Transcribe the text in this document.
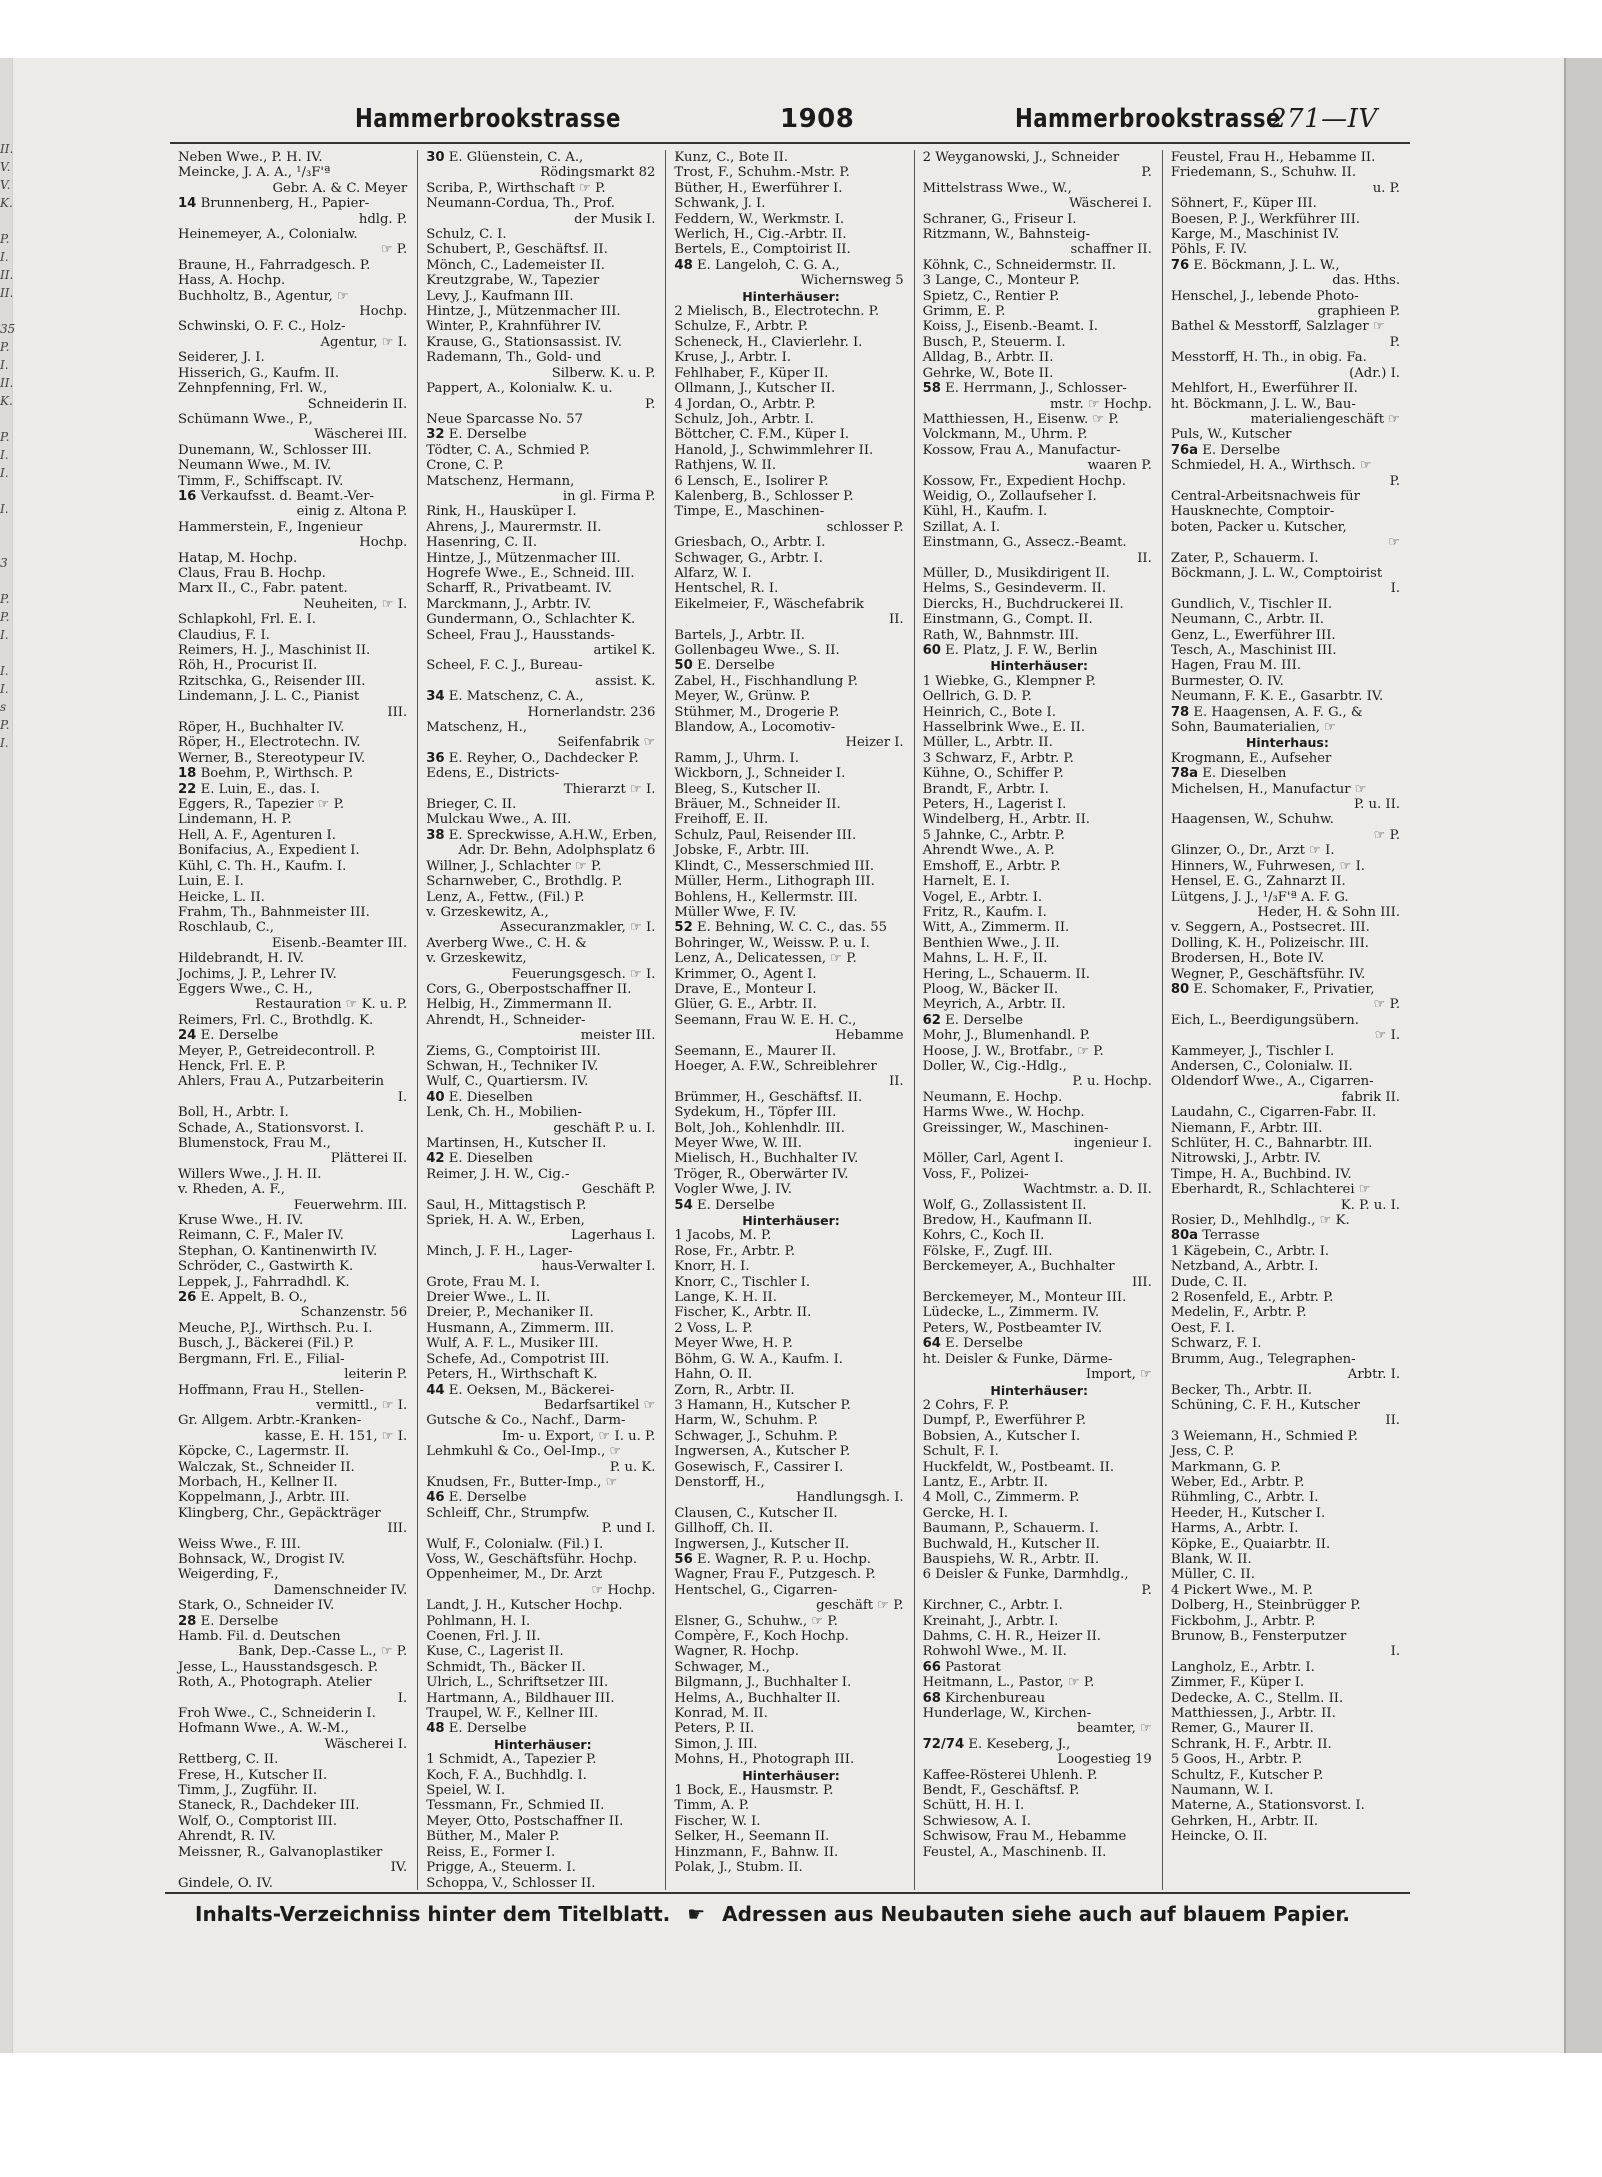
II.
V.
V.
K.

P.
I.
II.
II.

35
P.
I.
II.
K.

P.
I.
I.

I.

3

P.
P.
I.

I.
I.
s
P.
I.
Hammerbrookstrasse	1908	Hammerbrookstrasse
271—IV
Neben Wwe., P. H. IV.
Meincke, J. A. A., ¹/₃F'ª
Gebr. A. & C. Meyer
14 Brunnenberg, H., Papier-
hdlg. P.
Heinemeyer, A., Colonialw.
☞ P.
Braune, H., Fahrradgesch. P.
Hass, A. Hochp.
Buchholtz, B., Agentur, ☞
Hochp.
Schwinski, O. F. C., Holz-
Agentur, ☞ I.
Seiderer, J. I.
Hisserich, G., Kaufm. II.
Zehnpfenning, Frl. W.,
Schneiderin II.
Schümann Wwe., P.,
Wäscherei III.
Dunemann, W., Schlosser III.
Neumann Wwe., M. IV.
Timm, F., Schiffscapt. IV.
16 Verkaufsst. d. Beamt.-Ver-
einig z. Altona P.
Hammerstein, F., Ingenieur
Hochp.
Hatap, M. Hochp.
Claus, Frau B. Hochp.
Marx II., C., Fabr. patent.
Neuheiten, ☞ I.
Schlapkohl, Frl. E. I.
Claudius, F. I.
Reimers, H. J., Maschinist II.
Röh, H., Procurist II.
Rzitschka, G., Reisender III.
Lindemann, J. L. C., Pianist
III.
Röper, H., Buchhalter IV.
Röper, H., Electrotechn. IV.
Werner, B., Stereotypeur IV.
18 Boehm, P., Wirthsch. P.
22 E. Luin, E., das. I.
Eggers, R., Tapezier ☞ P.
Lindemann, H. P.
Hell, A. F., Agenturen I.
Bonifacius, A., Expedient I.
Kühl, C. Th. H., Kaufm. I.
Luin, E. I.
Heicke, L. II.
Frahm, Th., Bahnmeister III.
Roschlaub, C.,
Eisenb.-Beamter III.
Hildebrandt, H. IV.
Jochims, J. P., Lehrer IV.
Eggers Wwe., C. H.,
Restauration ☞ K. u. P.
Reimers, Frl. C., Brothdlg. K.
24 E. Derselbe
Meyer, P., Getreidecontroll. P.
Henck, Frl. E. P.
Ahlers, Frau A., Putzarbeiterin
I.
Boll, H., Arbtr. I.
Schade, A., Stationsvorst. I.
Blumenstock, Frau M.,
Plätterei II.
Willers Wwe., J. H. II.
v. Rheden, A. F.,
Feuerwehrm. III.
Kruse Wwe., H. IV.
Reimann, C. F., Maler IV.
Stephan, O. Kantinenwirth IV.
Schröder, C., Gastwirth K.
Leppek, J., Fahrradhdl. K.
26 E. Appelt, B. O.,
Schanzenstr. 56
Meuche, P.J., Wirthsch. P.u. I.
Busch, J., Bäckerei (Fil.) P.
Bergmann, Frl. E., Filial-
leiterin P.
Hoffmann, Frau H., Stellen-
vermittl., ☞ I.
Gr. Allgem. Arbtr.-Kranken-
kasse, E. H. 151, ☞ I.
Köpcke, C., Lagermstr. II.
Walczak, St., Schneider II.
Morbach, H., Kellner II.
Koppelmann, J., Arbtr. III.
Klingberg, Chr., Gepäckträger
III.
Weiss Wwe., F. III.
Bohnsack, W., Drogist IV.
Weigerding, F.,
Damenschneider IV.
Stark, O., Schneider IV.
28 E. Derselbe
Hamb. Fil. d. Deutschen
Bank, Dep.-Casse L., ☞ P.
Jesse, L., Hausstandsgesch. P.
Roth, A., Photograph. Atelier
I.
Froh Wwe., C., Schneiderin I.
Hofmann Wwe., A. W.-M.,
Wäscherei I.
Rettberg, C. II.
Frese, H., Kutscher II.
Timm, J., Zugführ. II.
Staneck, R., Dachdeker III.
Wolf, O., Comptorist III.
Ahrendt, R. IV.
Meissner, R., Galvanoplastiker
IV.
Gindele, O. IV.
30 E. Glüenstein, C. A.,
Rödingsmarkt 82
Scriba, P., Wirthschaft ☞ P.
Neumann-Cordua, Th., Prof.
der Musik I.
Schulz, C. I.
Schubert, P., Geschäftsf. II.
Mönch, C., Lademeister II.
Kreutzgrabe, W., Tapezier
Levy, J., Kaufmann III.
Hintze, J., Mützenmacher III.
Winter, P., Krahnführer IV.
Krause, G., Stationsassist. IV.
Rademann, Th., Gold- und
Silberw. K. u. P.
Pappert, A., Kolonialw. K. u.
P.
Neue Sparcasse No. 57
32 E. Derselbe
Tödter, C. A., Schmied P.
Crone, C. P.
Matschenz, Hermann,
in gl. Firma P.
Rink, H., Hausküper I.
Ahrens, J., Maurermstr. II.
Hasenring, C. II.
Hintze, J., Mützenmacher III.
Hogrefe Wwe., E., Schneid. III.
Scharff, R., Privatbeamt. IV.
Marckmann, J., Arbtr. IV.
Gundermann, O., Schlachter K.
Scheel, Frau J., Hausstands-
artikel K.
Scheel, F. C. J., Bureau-
assist. K.
34 E. Matschenz, C. A.,
Hornerlandstr. 236
Matschenz, H.,
Seifenfabrik ☞
36 E. Reyher, O., Dachdecker P.
Edens, E., Districts-
Thierarzt ☞ I.
Brieger, C. II.
Mulckau Wwe., A. III.
38 E. Spreckwisse, A.H.W., Erben,
Adr. Dr. Behn, Adolphsplatz 6
Willner, J., Schlachter ☞ P.
Scharnweber, C., Brothdlg. P.
Lenz, A., Fettw., (Fil.) P.
v. Grzeskewitz, A.,
Assecuranzmakler, ☞ I.
Averberg Wwe., C. H. &
v. Grzeskewitz,
Feuerungsgesch. ☞ I.
Cors, G., Oberpostschaffner II.
Helbig, H., Zimmermann II.
Ahrendt, H., Schneider-
meister III.
Ziems, G., Comptoirist III.
Schwan, H., Techniker IV.
Wulf, C., Quartiersm. IV.
40 E. Dieselben
Lenk, Ch. H., Mobilien-
geschäft P. u. I.
Martinsen, H., Kutscher II.
42 E. Dieselben
Reimer, J. H. W., Cig.-
Geschäft P.
Saul, H., Mittagstisch P.
Spriek, H. A. W., Erben,
Lagerhaus I.
Minch, J. F. H., Lager-
haus-Verwalter I.
Grote, Frau M. I.
Dreier Wwe., L. II.
Dreier, P., Mechaniker II.
Husmann, A., Zimmerm. III.
Wulf, A. F. L., Musiker III.
Schefe, Ad., Compotrist III.
Peters, H., Wirthschaft K.
44 E. Oeksen, M., Bäckerei-
Bedarfsartikel ☞
Gutsche & Co., Nachf., Darm-
Im- u. Export, ☞ I. u. P.
Lehmkuhl & Co., Oel-Imp., ☞
P. u. K.
Knudsen, Fr., Butter-Imp., ☞
46 E. Derselbe
Schleiff, Chr., Strumpfw.
P. und I.
Wulf, F., Colonialw. (Fil.) I.
Voss, W., Geschäftsführ. Hochp.
Oppenheimer, M., Dr. Arzt
☞ Hochp.
Landt, J. H., Kutscher Hochp.
Pohlmann, H. I.
Coenen, Frl. J. II.
Kuse, C., Lagerist II.
Schmidt, Th., Bäcker II.
Ulrich, L., Schriftsetzer III.
Hartmann, A., Bildhauer III.
Traupel, W. F., Kellner III.
48 E. Derselbe
Hinterhäuser:
1 Schmidt, A., Tapezier P.
Koch, F. A., Buchhdlg. I.
Speiel, W. I.
Tessmann, Fr., Schmied II.
Meyer, Otto, Postschaffner II.
Büther, M., Maler P.
Reiss, E., Former I.
Prigge, A., Steuerm. I.
Schoppa, V., Schlosser II.
Kunz, C., Bote II.
Trost, F., Schuhm.-Mstr. P.
Büther, H., Ewerführer I.
Schwank, J. I.
Feddern, W., Werkmstr. I.
Werlich, H., Cig.-Arbtr. II.
Bertels, E., Comptoirist II.
48 E. Langeloh, C. G. A.,
Wichernsweg 5
Hinterhäuser:
2 Mielisch, B., Electrotechn. P.
Schulze, F., Arbtr. P.
Scheneck, H., Clavierlehr. I.
Kruse, J., Arbtr. I.
Fehlhaber, F., Küper II.
Ollmann, J., Kutscher II.
4 Jordan, O., Arbtr. P.
Schulz, Joh., Arbtr. I.
Böttcher, C. F.M., Küper I.
Hanold, J., Schwimmlehrer II.
Rathjens, W. II.
6 Lensch, E., Isolirer P.
Kalenberg, B., Schlosser P.
Timpe, E., Maschinen-
schlosser P.
Griesbach, O., Arbtr. I.
Schwager, G., Arbtr. I.
Alfarz, W. I.
Hentschel, R. I.
Eikelmeier, F., Wäschefabrik
II.
Bartels, J., Arbtr. II.
Gollenbageu Wwe., S. II.
50 E. Derselbe
Zabel, H., Fischhandlung P.
Meyer, W., Grünw. P.
Stühmer, M., Drogerie P.
Blandow, A., Locomotiv-
Heizer I.
Ramm, J., Uhrm. I.
Wickborn, J., Schneider I.
Bleeg, S., Kutscher II.
Bräuer, M., Schneider II.
Freihoff, E. II.
Schulz, Paul, Reisender III.
Jobske, F., Arbtr. III.
Klindt, C., Messerschmied III.
Müller, Herm., Lithograph III.
Bohlens, H., Kellermstr. III.
Müller Wwe, F. IV.
52 E. Behning, W. C. C., das. 55
Bohringer, W., Weissw. P. u. I.
Lenz, A., Delicatessen, ☞ P.
Krimmer, O., Agent I.
Drave, E., Monteur I.
Glüer, G. E., Arbtr. II.
Seemann, Frau W. E. H. C.,
Hebamme
Seemann, E., Maurer II.
Hoeger, A. F.W., Schreiblehrer
II.
Brümmer, H., Geschäftsf. II.
Sydekum, H., Töpfer III.
Bolt, Joh., Kohlenhdlr. III.
Meyer Wwe, W. III.
Mielisch, H., Buchhalter IV.
Tröger, R., Oberwärter IV.
Vogler Wwe, J. IV.
54 E. Derselbe
Hinterhäuser:
1 Jacobs, M. P.
Rose, Fr., Arbtr. P.
Knorr, H. I.
Knorr, C., Tischler I.
Lange, K. H. II.
Fischer, K., Arbtr. II.
2 Voss, L. P.
Meyer Wwe, H. P.
Böhm, G. W. A., Kaufm. I.
Hahn, O. II.
Zorn, R., Arbtr. II.
3 Hamann, H., Kutscher P.
Harm, W., Schuhm. P.
Schwager, J., Schuhm. P.
Ingwersen, A., Kutscher P.
Gosewisch, F., Cassirer I.
Denstorff, H.,
Handlungsgh. I.
Clausen, C., Kutscher II.
Gillhoff, Ch. II.
Ingwersen, J., Kutscher II.
56 E. Wagner, R. P. u. Hochp.
Wagner, Frau F., Putzgesch. P.
Hentschel, G., Cigarren-
geschäft ☞ P.
Elsner, G., Schuhw., ☞ P.
Compère, F., Koch Hochp.
Wagner, R. Hochp.
Schwager, M.,
Bilgmann, J., Buchhalter I.
Helms, A., Buchhalter II.
Konrad, M. II.
Peters, P. II.
Simon, J. III.
Mohns, H., Photograph III.
Hinterhäuser:
1 Bock, E., Hausmstr. P.
Timm, A. P.
Fischer, W. I.
Selker, H., Seemann II.
Hinzmann, F., Bahnw. II.
Polak, J., Stubm. II.
2 Weyganowski, J., Schneider
P.
Mittelstrass Wwe., W.,
Wäscherei I.
Schraner, G., Friseur I.
Ritzmann, W., Bahnsteig-
schaffner II.
Köhnk, C., Schneidermstr. II.
3 Lange, C., Monteur P.
Spietz, C., Rentier P.
Grimm, E. P.
Koiss, J., Eisenb.-Beamt. I.
Busch, P., Steuerm. I.
Alldag, B., Arbtr. II.
Gehrke, W., Bote II.
58 E. Herrmann, J., Schlosser-
mstr. ☞ Hochp.
Matthiessen, H., Eisenw. ☞ P.
Volckmann, M., Uhrm. P.
Kossow, Frau A., Manufactur-
waaren P.
Kossow, Fr., Expedient Hochp.
Weidig, O., Zollaufseher I.
Kühl, H., Kaufm. I.
Szillat, A. I.
Einstmann, G., Assecz.-Beamt.
II.
Müller, D., Musikdirigent II.
Helms, S., Gesindeverm. II.
Diercks, H., Buchdruckerei II.
Einstmann, G., Compt. II.
Rath, W., Bahnmstr. III.
60 E. Platz, J. F. W., Berlin
Hinterhäuser:
1 Wiebke, G., Klempner P.
Oellrich, G. D. P.
Heinrich, C., Bote I.
Hasselbrink Wwe., E. II.
Müller, L., Arbtr. II.
3 Schwarz, F., Arbtr. P.
Kühne, O., Schiffer P.
Brandt, F., Arbtr. I.
Peters, H., Lagerist I.
Windelberg, H., Arbtr. II.
5 Jahnke, C., Arbtr. P.
Ahrendt Wwe., A. P.
Emshoff, E., Arbtr. P.
Harnelt, E. I.
Vogel, E., Arbtr. I.
Fritz, R., Kaufm. I.
Witt, A., Zimmerm. II.
Benthien Wwe., J. II.
Mahns, L. H. F., II.
Hering, L., Schauerm. II.
Ploog, W., Bäcker II.
Meyrich, A., Arbtr. II.
62 E. Derselbe
Mohr, J., Blumenhandl. P.
Hoose, J. W., Brotfabr., ☞ P.
Doller, W., Cig.-Hdlg.,
P. u. Hochp.
Neumann, E. Hochp.
Harms Wwe., W. Hochp.
Greissinger, W., Maschinen-
ingenieur I.
Möller, Carl, Agent I.
Voss, F., Polizei-
Wachtmstr. a. D. II.
Wolf, G., Zollassistent II.
Bredow, H., Kaufmann II.
Kohrs, C., Koch II.
Fölske, F., Zugf. III.
Berckemeyer, A., Buchhalter
III.
Berckemeyer, M., Monteur III.
Lüdecke, L., Zimmerm. IV.
Peters, W., Postbeamter IV.
64 E. Derselbe
ht. Deisler & Funke, Därme-
Import, ☞
Hinterhäuser:
2 Cohrs, F. P.
Dumpf, P., Ewerführer P.
Bobsien, A., Kutscher I.
Schult, F. I.
Huckfeldt, W., Postbeamt. II.
Lantz, E., Arbtr. II.
4 Moll, C., Zimmerm. P.
Gercke, H. I.
Baumann, P., Schauerm. I.
Buchwald, H., Kutscher II.
Bauspiehs, W. R., Arbtr. II.
6 Deisler & Funke, Darmhdlg.,
P.
Kirchner, C., Arbtr. I.
Kreinaht, J., Arbtr. I.
Dahms, C. H. R., Heizer II.
Rohwohl Wwe., M. II.
66 Pastorat
Heitmann, L., Pastor, ☞ P.
68 Kirchenbureau
Hunderlage, W., Kirchen-
beamter, ☞
72/74 E. Keseberg, J.,
Loogestieg 19
Kaffee-Rösterei Uhlenh. P.
Bendt, F., Geschäftsf. P.
Schütt, H. H. I.
Schwiesow, A. I.
Schwisow, Frau M., Hebamme
Feustel, A., Maschinenb. II.
Feustel, Frau H., Hebamme II.
Friedemann, S., Schuhw. II.
u. P.
Söhnert, F., Küper III.
Boesen, P. J., Werkführer III.
Karge, M., Maschinist IV.
Pöhls, F. IV.
76 E. Böckmann, J. L. W.,
das. Hths.
Henschel, J., lebende Photo-
graphieen P.
Bathel & Messtorff, Salzlager ☞
P.
Messtorff, H. Th., in obig. Fa.
(Adr.) I.
Mehlfort, H., Ewerführer II.
ht. Böckmann, J. L. W., Bau-
materialiengeschäft ☞
Puls, W., Kutscher
76a E. Derselbe
Schmiedel, H. A., Wirthsch. ☞
P.
Central-Arbeitsnachweis für
Hausknechte, Comptoir-
boten, Packer u. Kutscher,
☞
Zater, P., Schauerm. I.
Böckmann, J. L. W., Comptoirist
I.
Gundlich, V., Tischler II.
Neumann, C., Arbtr. II.
Genz, L., Ewerführer III.
Tesch, A., Maschinist III.
Hagen, Frau M. III.
Burmester, O. IV.
Neumann, F. K. E., Gasarbtr. IV.
78 E. Haagensen, A. F. G., &
Sohn, Baumaterialien, ☞
Hinterhaus:
Krogmann, E., Aufseher
78a E. Dieselben
Michelsen, H., Manufactur ☞
P. u. II.
Haagensen, W., Schuhw.
☞ P.
Glinzer, O., Dr., Arzt ☞ I.
Hinners, W., Fuhrwesen, ☞ I.
Hensel, E. G., Zahnarzt II.
Lütgens, J. J., ¹/₃F'ª A. F. G.
Heder, H. & Sohn III.
v. Seggern, A., Postsecret. III.
Dolling, K. H., Polizeischr. III.
Brodersen, H., Bote IV.
Wegner, P., Geschäftsführ. IV.
80 E. Schomaker, F., Privatier,
☞ P.
Eich, L., Beerdigungsübern.
☞ I.
Kammeyer, J., Tischler I.
Andersen, C., Colonialw. II.
Oldendorf Wwe., A., Cigarren-
fabrik II.
Laudahn, C., Cigarren-Fabr. II.
Niemann, F., Arbtr. III.
Schlüter, H. C., Bahnarbtr. III.
Nitrowski, J., Arbtr. IV.
Timpe, H. A., Buchbind. IV.
Eberhardt, R., Schlachterei ☞
K. P. u. I.
Rosier, D., Mehlhdlg., ☞ K.
80a Terrasse
1 Kägebein, C., Arbtr. I.
Netzband, A., Arbtr. I.
Dude, C. II.
2 Rosenfeld, E., Arbtr. P.
Medelin, F., Arbtr. P.
Oest, F. I.
Schwarz, F. I.
Brumm, Aug., Telegraphen-
Arbtr. I.
Becker, Th., Arbtr. II.
Schüning, C. F. H., Kutscher
II.
3 Weiemann, H., Schmied P.
Jess, C. P.
Markmann, G. P.
Weber, Ed., Arbtr. P.
Rühmling, C., Arbtr. I.
Heeder, H., Kutscher I.
Harms, A., Arbtr. I.
Köpke, E., Quaiarbtr. II.
Blank, W. II.
Müller, C. II.
4 Pickert Wwe., M. P.
Dolberg, H., Steinbrügger P.
Fickbohm, J., Arbtr. P.
Brunow, B., Fensterputzer
I.
Langholz, E., Arbtr. I.
Zimmer, F., Küper I.
Dedecke, A. C., Stellm. II.
Matthiessen, J., Arbtr. II.
Remer, G., Maurer II.
Schrank, H. F., Arbtr. II.
5 Goos, H., Arbtr. P.
Schultz, F., Kutscher P.
Naumann, W. I.
Materne, A., Stationsvorst. I.
Gehrken, H., Arbtr. II.
Heincke, O. II.
Inhalts-Verzeichniss hinter dem Titelblatt. ☛ Adressen aus Neubauten siehe auch auf blauem Papier.
